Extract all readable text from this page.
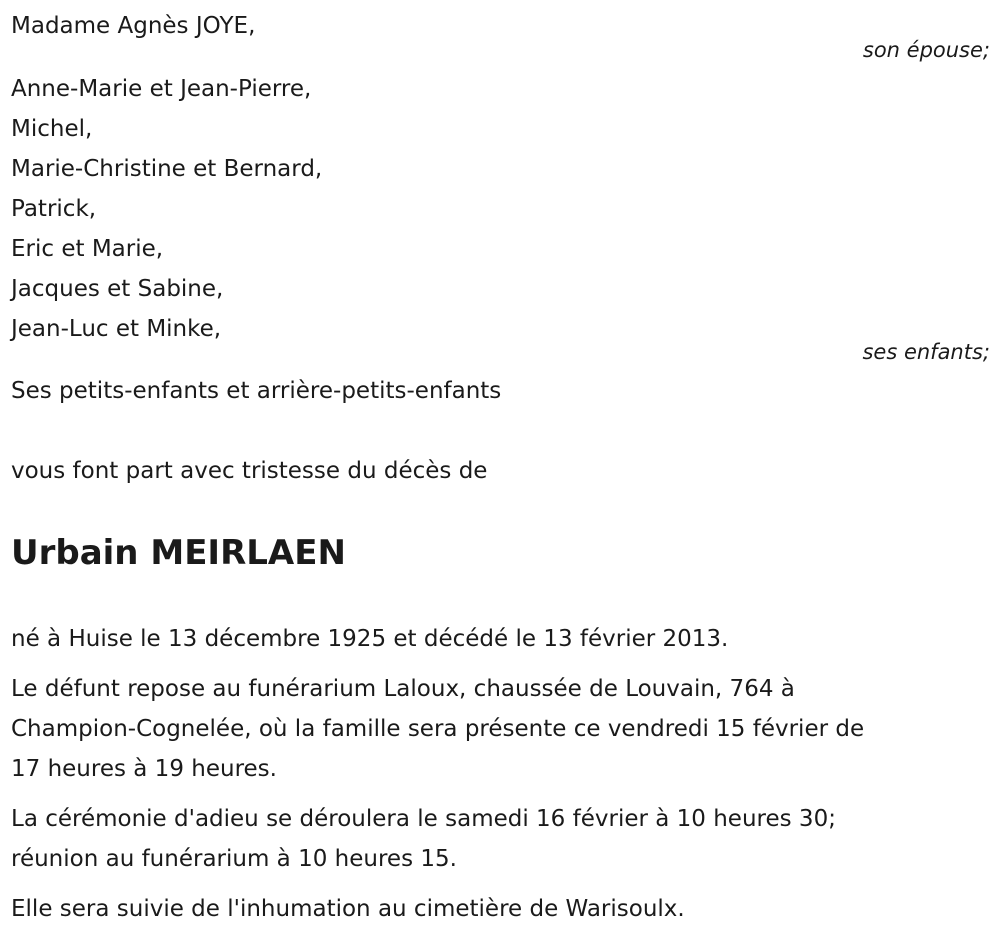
Madame Agnès JOYE,
son épouse;
Anne-Marie et Jean-Pierre,
Michel,
Marie-Christine et Bernard,
Patrick,
Eric et Marie,
Jacques et Sabine,
Jean-Luc et Minke,
ses enfants;
Ses petits-enfants et arrière-petits-enfants
vous font part avec tristesse du décès de
Urbain MEIRLAEN
né à Huise le 13 décembre 1925 et décédé le 13 février 2013.
Le défunt repose au funérarium Laloux, chaussée de Louvain, 764 à
Champion-Cognelée, où la famille sera présente ce vendredi 15 février de
17 heures à 19 heures.
La cérémonie d'adieu se déroulera le samedi 16 février à 10 heures 30;
réunion au funérarium à 10 heures 15.
Elle sera suivie de l'inhumation au cimetière de Warisoulx.
